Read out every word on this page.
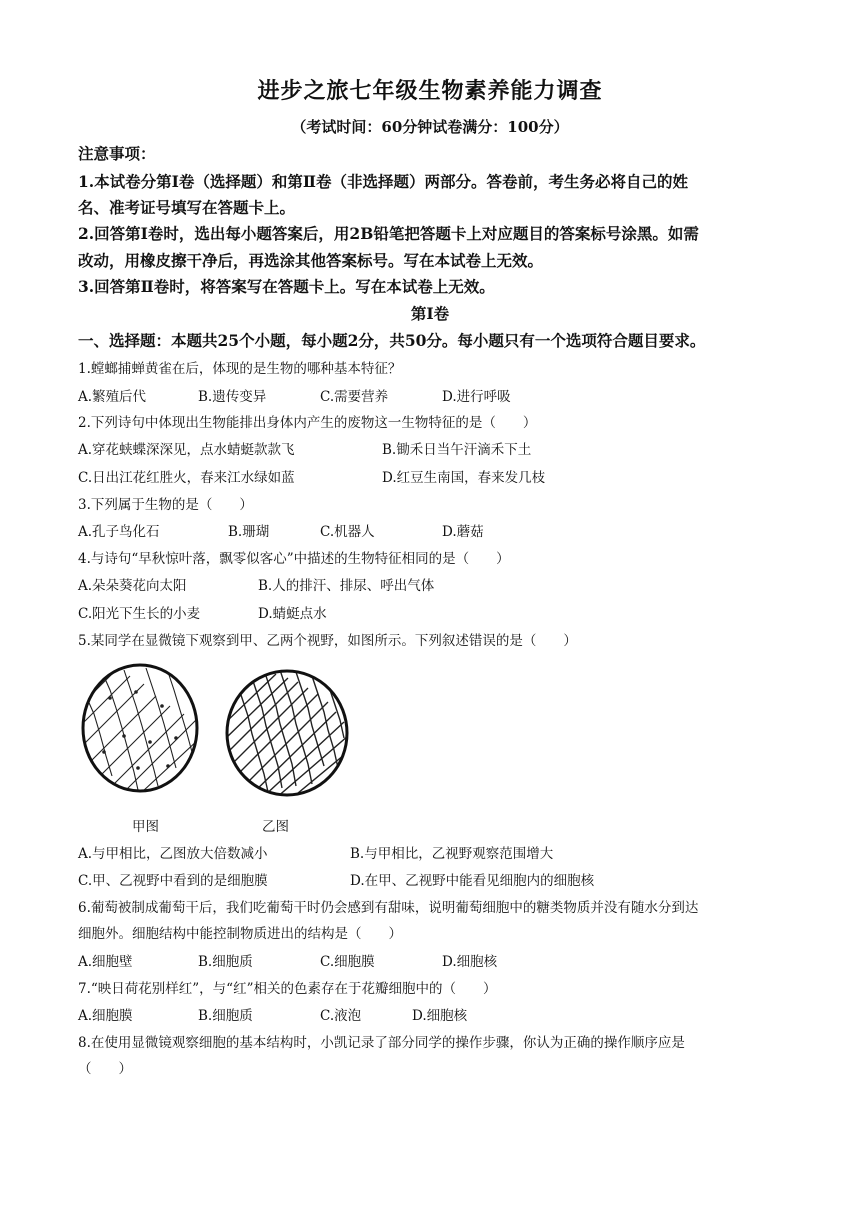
进步之旅七年级生物素养能力调查
（考试时间：60分钟试卷满分：100分）
注意事项：
1.本试卷分第Ⅰ卷（选择题）和第Ⅱ卷（非选择题）两部分。答卷前，考生务必将自己的姓
名、准考证号填写在答题卡上。
2.回答第Ⅰ卷时，选出每小题答案后，用2B铅笔把答题卡上对应题目的答案标号涂黑。如需
改动，用橡皮擦干净后，再选涂其他答案标号。写在本试卷上无效。
3.回答第Ⅱ卷时，将答案写在答题卡上。写在本试卷上无效。
第Ⅰ卷
一、选择题：本题共25个小题，每小题2分，共50分。每小题只有一个选项符合题目要求。
1.螳螂捕蝉黄雀在后，体现的是生物的哪种基本特征？
A.繁殖后代	B.遗传变异	C.需要营养	D.进行呼吸
2.下列诗句中体现出生物能排出身体内产生的废物这一生物特征的是（　　）
A.穿花蛱蝶深深见，点水蜻蜓款款飞	B.锄禾日当午汗滴禾下土
C.日出江花红胜火，春来江水绿如蓝	D.红豆生南国，春来发几枝
3.下列属于生物的是（　　）
A.孔子鸟化石	B.珊瑚	C.机器人	D.蘑菇
4.与诗句“早秋惊叶落，飘零似客心”中描述的生物特征相同的是（　　）
A.朵朵葵花向太阳	B.人的排汗、排尿、呼出气体
C.阳光下生长的小麦	D.蜻蜓点水
5.某同学在显微镜下观察到甲、乙两个视野，如图所示。下列叙述错误的是（　　）
甲图	乙图
A.与甲相比，乙图放大倍数减小	B.与甲相比，乙视野观察范围增大
C.甲、乙视野中看到的是细胞膜	D.在甲、乙视野中能看见细胞内的细胞核
6.葡萄被制成葡萄干后，我们吃葡萄干时仍会感到有甜味，说明葡萄细胞中的糖类物质并没有随水分到达
细胞外。细胞结构中能控制物质进出的结构是（　　）
A.细胞壁	B.细胞质	C.细胞膜	D.细胞核
7.“映日荷花别样红”，与“红”相关的色素存在于花瓣细胞中的（　　）
A.细胞膜	B.细胞质	C.液泡	D.细胞核
8.在使用显微镜观察细胞的基本结构时，小凯记录了部分同学的操作步骤，你认为正确的操作顺序应是
（　　）
